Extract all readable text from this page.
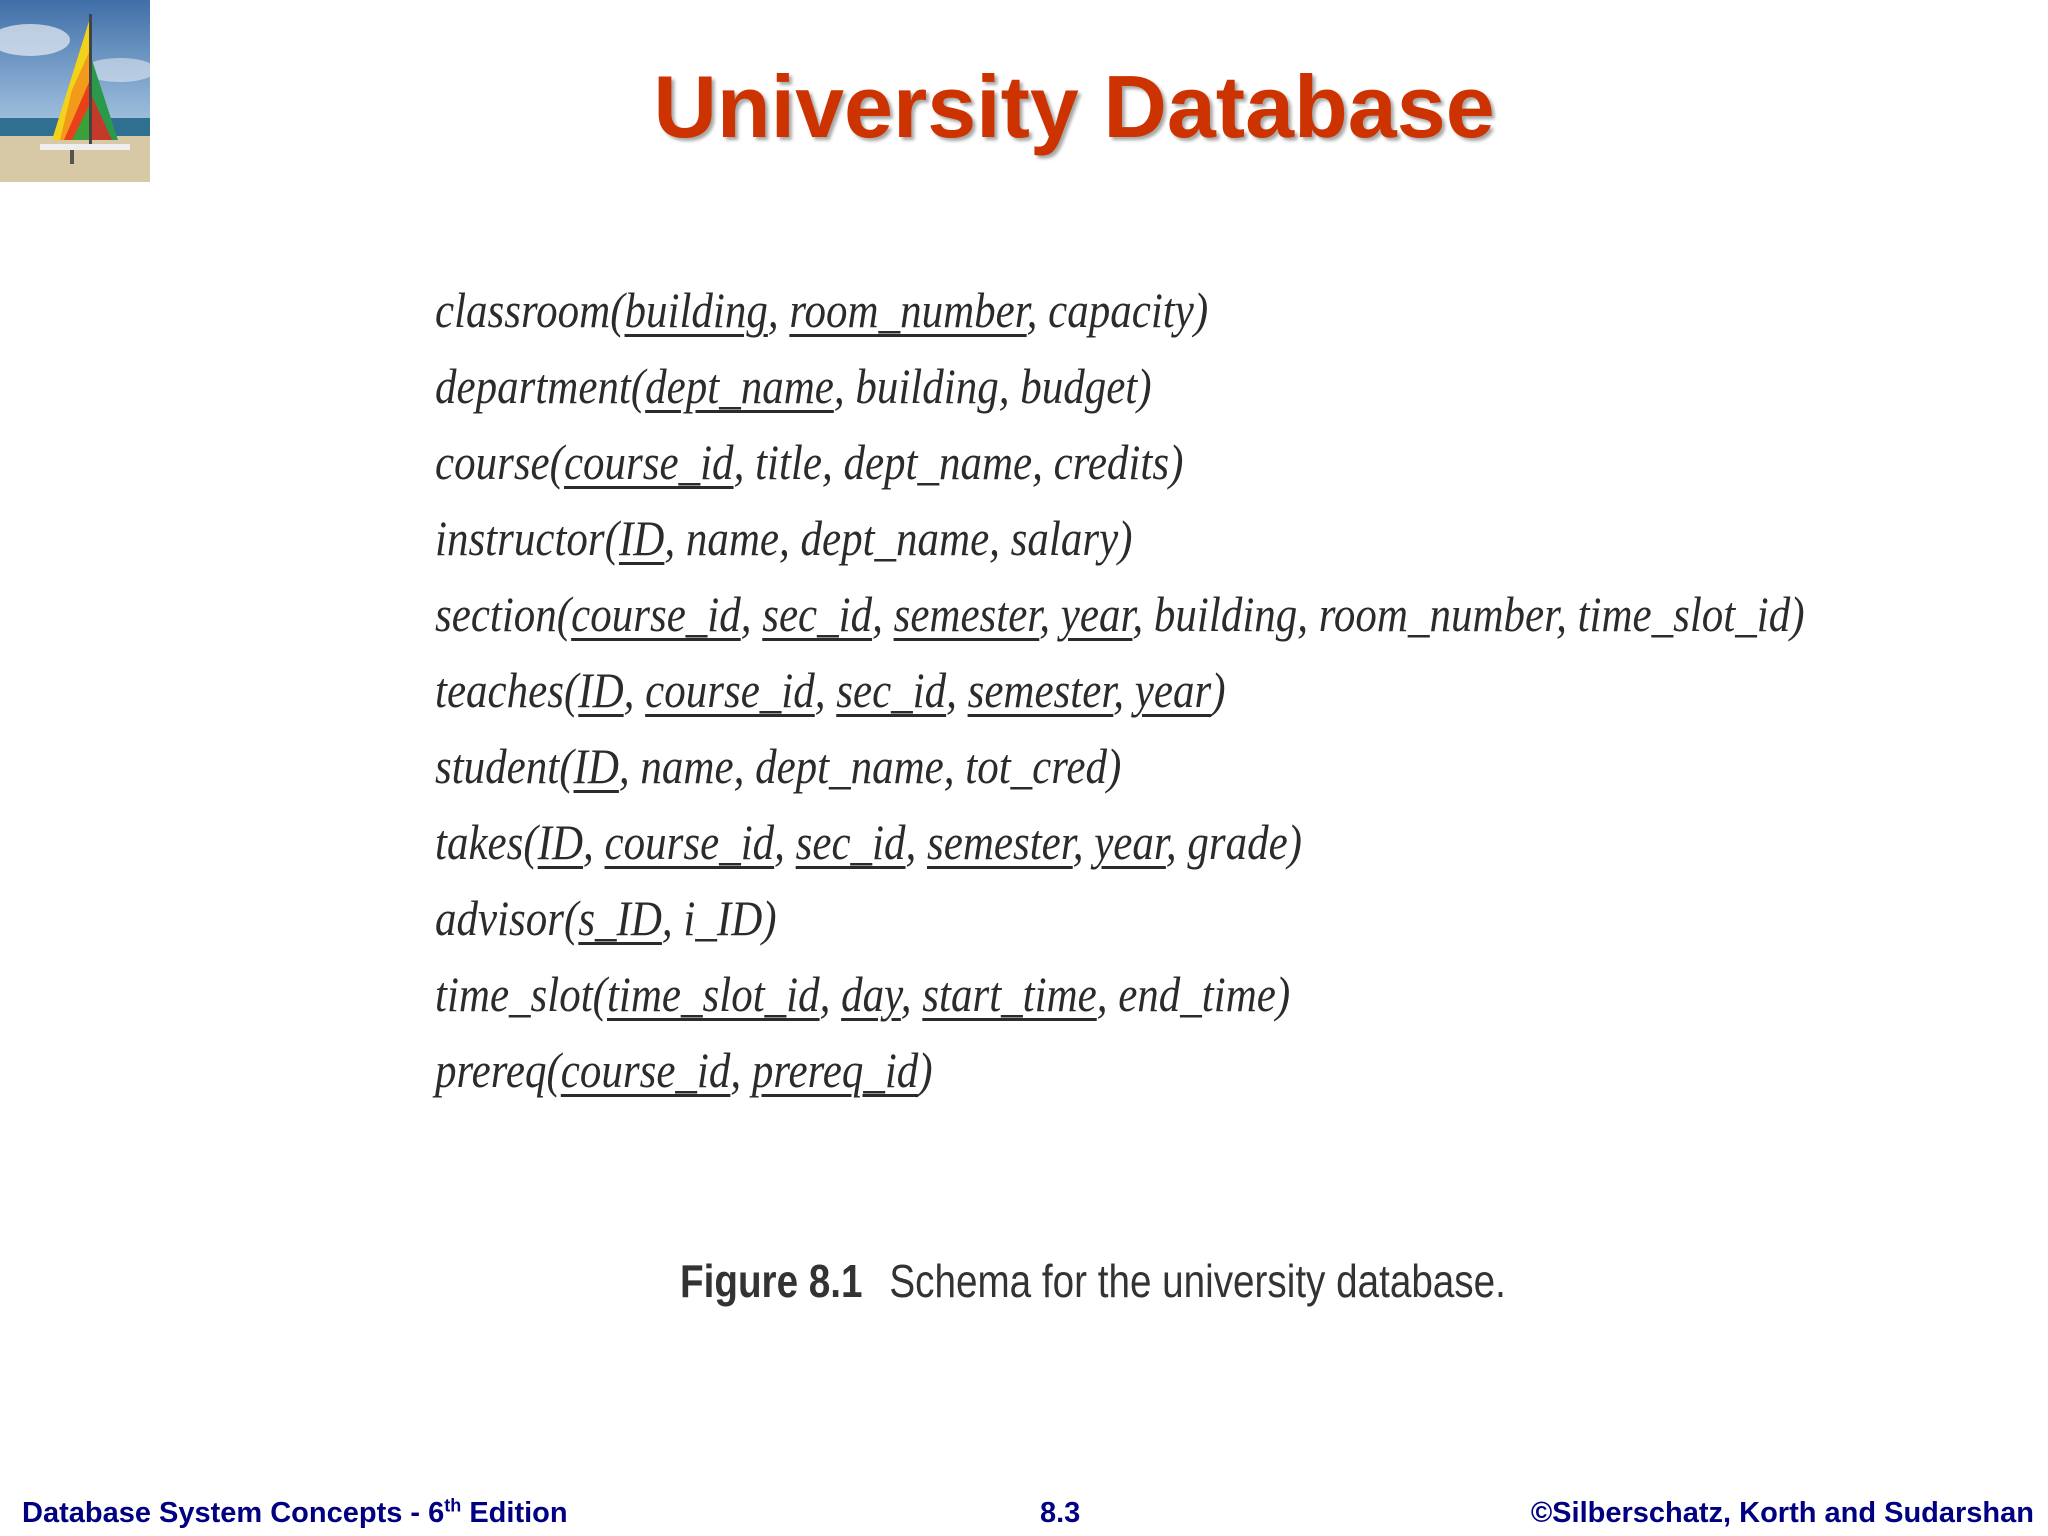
University Database
classroom(building, room_number, capacity)
department(dept_name, building, budget)
course(course_id, title, dept_name, credits)
instructor(ID, name, dept_name, salary)
section(course_id, sec_id, semester, year, building, room_number, time_slot_id)
teaches(ID, course_id, sec_id, semester, year)
student(ID, name, dept_name, tot_cred)
takes(ID, course_id, sec_id, semester, year, grade)
advisor(s_ID, i_ID)
time_slot(time_slot_id, day, start_time, end_time)
prereq(course_id, prereq_id)
Figure 8.1 Schema for the university database.
Database System Concepts - 6th Edition	8.3	©Silberschatz, Korth and Sudarshan
